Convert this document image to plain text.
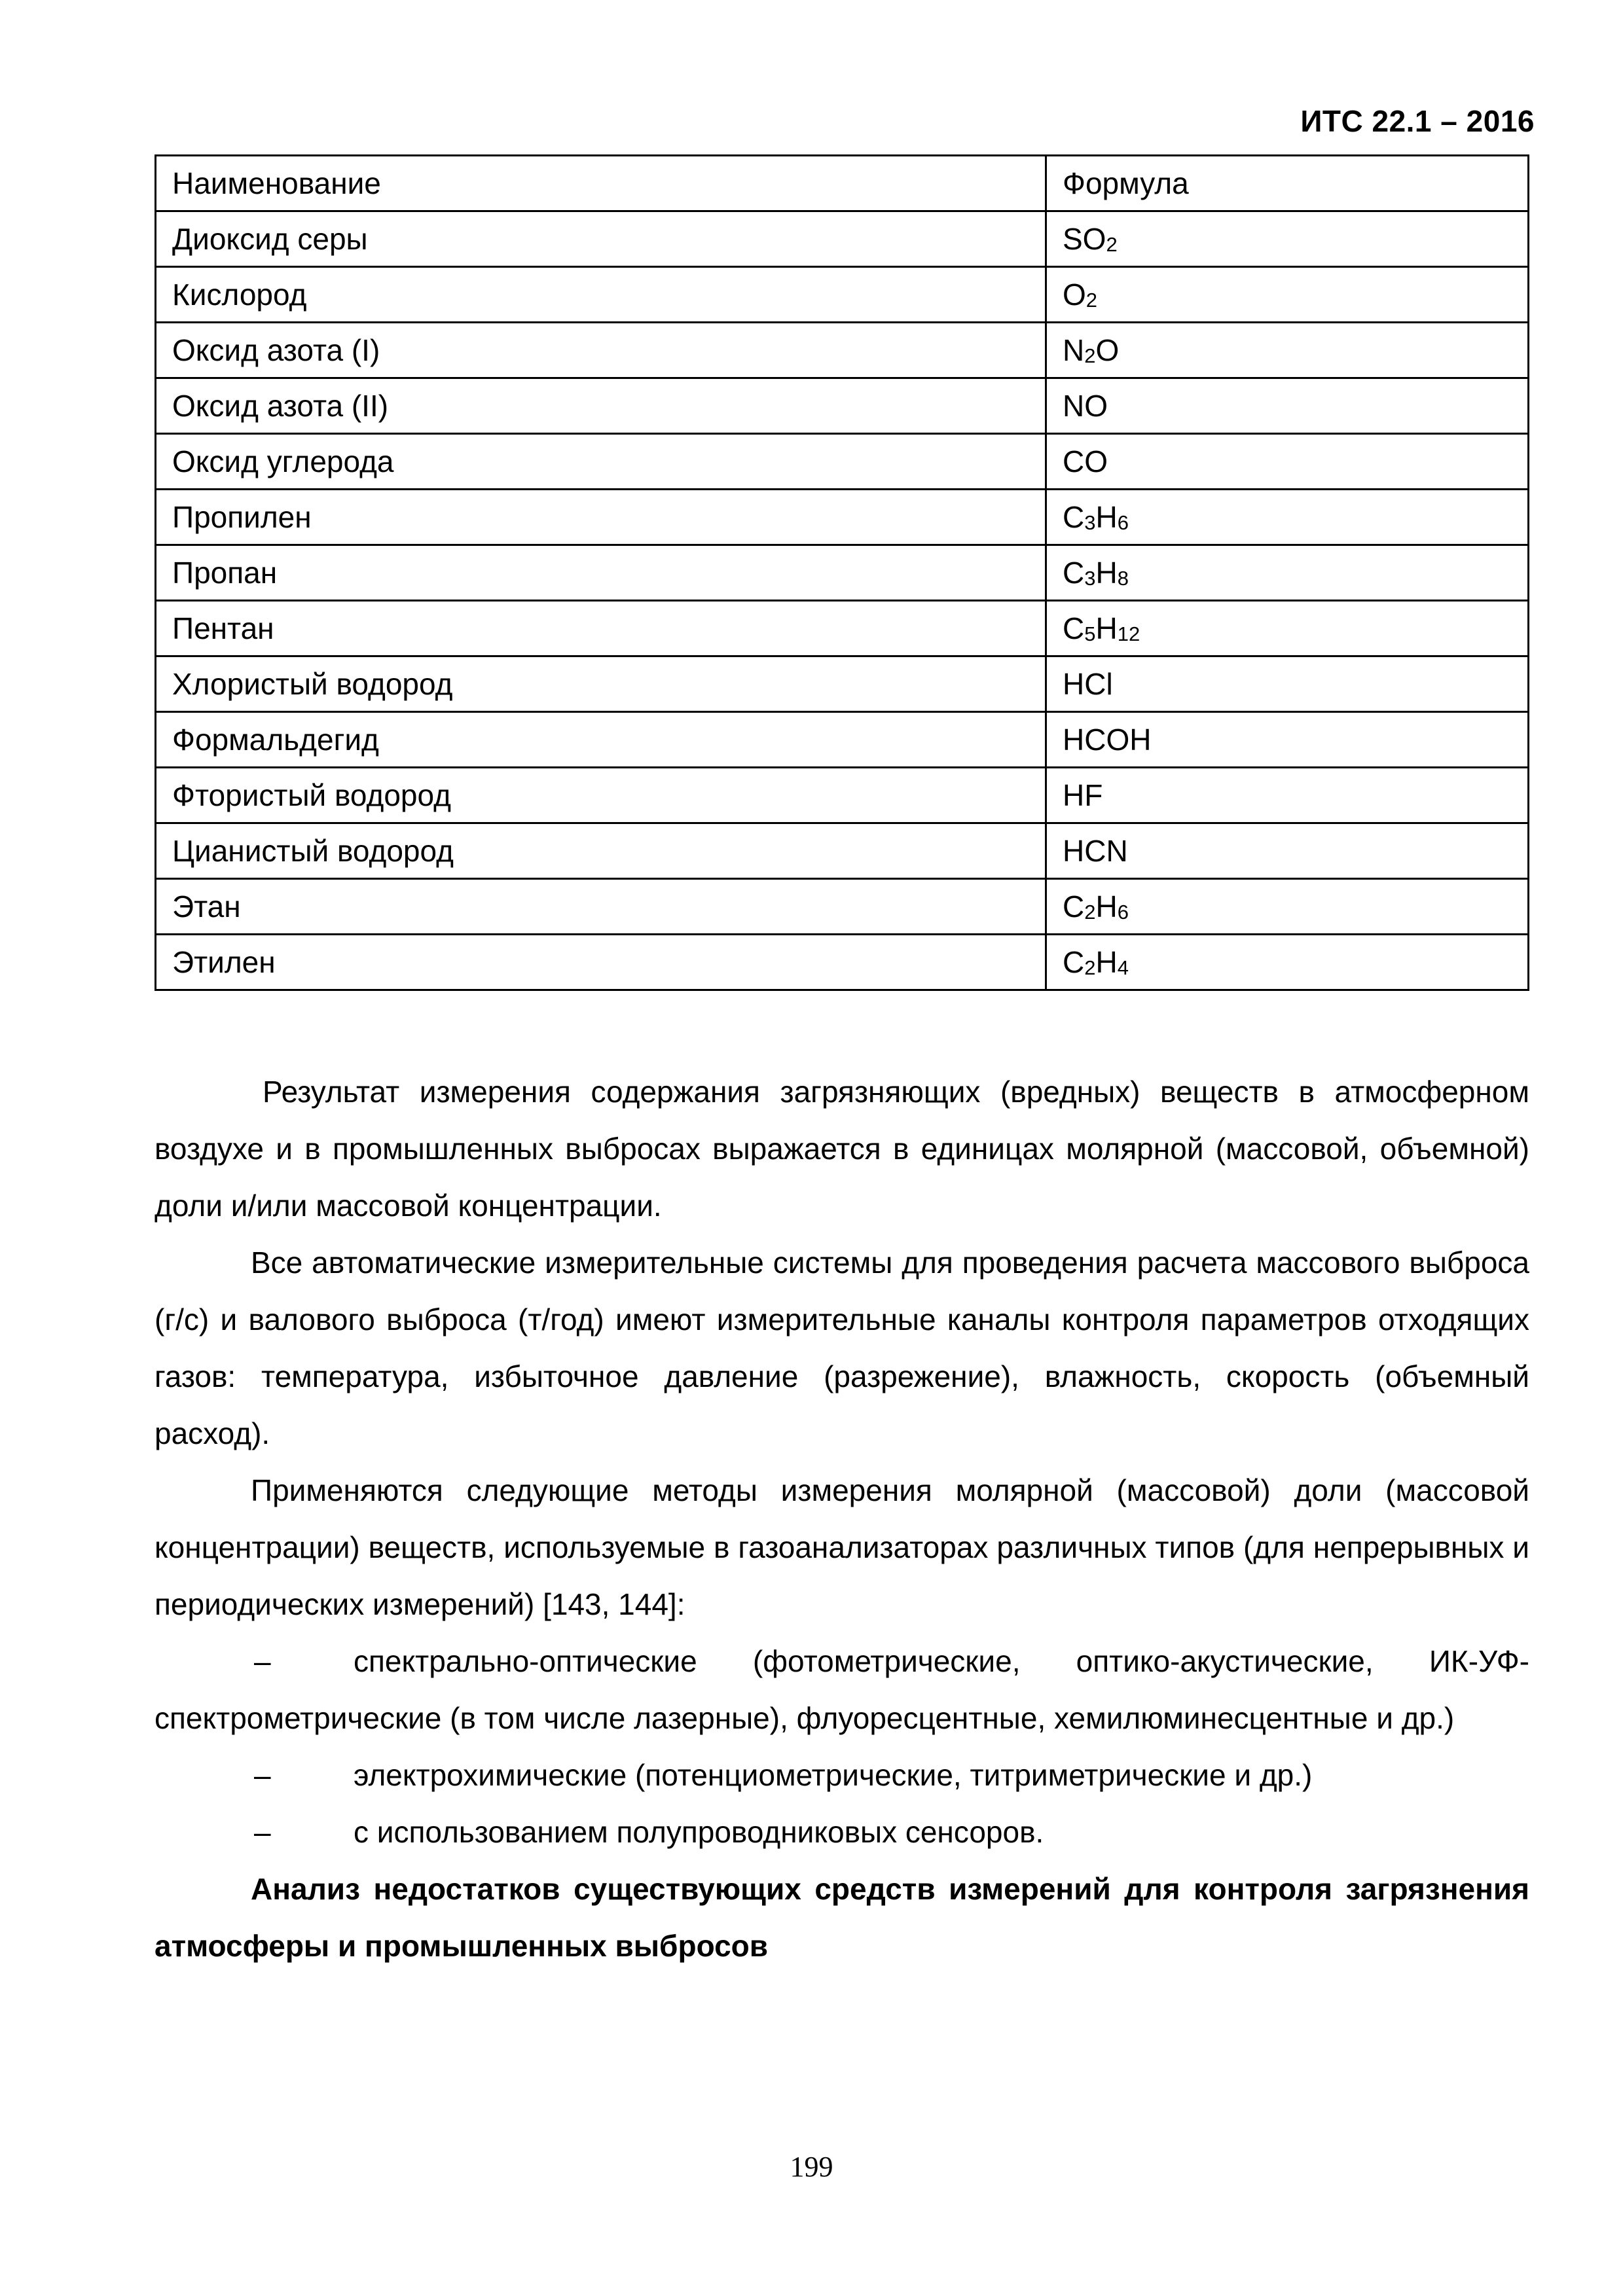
ИТС 22.1 – 2016
Наименование	Формула
Диоксид серы	SO2
Кислород	O2
Оксид азота (I)	N2O
Оксид азота (II)	NO
Оксид углерода	CO
Пропилен	C3H6
Пропан	C3H8
Пентан	C5H12
Хлористый водород	HCl
Формальдегид	HCOH
Фтористый водород	HF
Цианистый водород	HCN
Этан	C2H6
Этилен	C2H4

Результат измерения содержания загрязняющих (вредных) веществ в атмосферном воздухе и в промышленных выбросах выражается в единицах молярной (массовой, объемной) доли и/или массовой концентрации.

Все автоматические измерительные системы для проведения расчета массового выброса (г/с) и валового выброса (т/год) имеют измерительные каналы контроля параметров отходящих газов: температура, избыточное давление (разрежение), влажность, скорость (объемный расход).

Применяются следующие методы измерения молярной (массовой) доли (массовой концентрации) веществ, используемые в газоанализаторах различных типов (для непрерывных и периодических измерений) [143, 144]:

–	спектрально-оптические (фотометрические, оптико-акустические, ИК-УФ-спектрометрические (в том числе лазерные), флуоресцентные, хемилюминесцентные и др.)

–	электрохимические (потенциометрические, титриметрические и др.)

–	с использованием полупроводниковых сенсоров.

Анализ недостатков существующих средств измерений для контроля загрязнения атмосферы и промышленных выбросов

199
